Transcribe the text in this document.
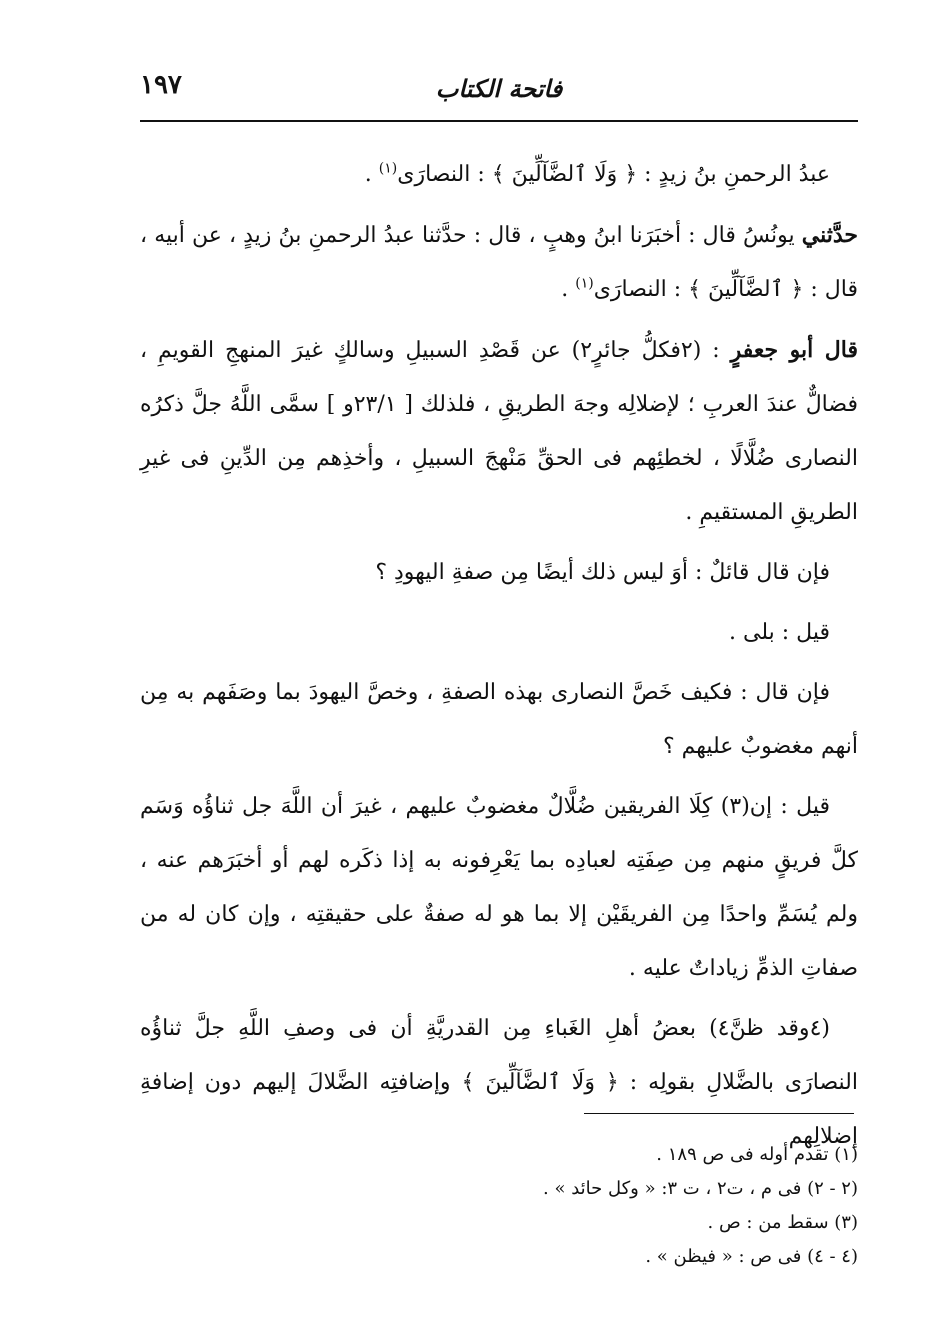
١٩٧	فاتحة الكتاب

عبدُ الرحمنِ بنُ زيدٍ : ﴿ وَلَا ٱلضَّآلِّينَ ﴾ : النصارَى$^{(١)}$ .

حدَّثني يونُسُ قال : أخبَرَنا ابنُ وهبٍ ، قال : حدَّثنا عبدُ الرحمنِ بنُ زيدٍ ، عن أبيه ، قال : ﴿ ٱلضَّآلِّينَ ﴾ : النصارَى$^{(١)}$ .

قال أبو جعفرٍ : (٢فكلُّ جائرٍ٢) عن قَصْدِ السبيلِ وسالكٍ غيرَ المنهجِ القويمِ ، فضالٌّ عندَ العربِ ؛ لإضلالِه وجهَ الطريقِ ، فلذلك [ ٢٣/١و ] سمَّى اللَّهُ جلَّ ذكرُه النصارى ضُلَّالًا ، لخطئِهم فى الحقِّ مَنْهجَ السبيلِ ، وأخذِهم مِن الدِّينِ فى غيرِ الطريقِ المستقيمِ .

فإن قال قائلٌ : أوَ ليس ذلك أيضًا مِن صفةِ اليهودِ ؟

قيل : بلى .

فإن قال : فكيف خَصَّ النصارى بهذه الصفةِ ، وخصَّ اليهودَ بما وصَفَهم به مِن أنهم مغضوبٌ عليهم ؟

قيل : إن(٣) كِلَا الفريقين ضُلَّالٌ مغضوبٌ عليهم ، غيرَ أن اللَّهَ جل ثناؤُه وَسَم كلَّ فريقٍ منهم مِن صِفَتِه لعبادِه بما يَعْرِفونه به إذا ذكَره لهم أو أخبَرَهم عنه ، ولم يُسَمِّ واحدًا مِن الفريقَيْن إلا بما هو له صفةٌ على حقيقتِه ، وإن كان له من صفاتِ الذمِّ زياداتٌ عليه .

(٤وقد ظنَّ٤) بعضُ أهلِ الغَباءِ مِن القدريَّةِ أن فى وصفِ اللَّهِ جلَّ ثناؤُه النصارَى بالضَّلالِ بقولِه : ﴿ وَلَا ٱلضَّآلِّينَ ﴾ وإضافتِه الضَّلالَ إليهم دون إضافةِ إضلالِهم

(١) تقدم أوله فى ص ١٨٩ .
(٢ - ٢) فى م ، ت٢ ، ت ٣: « وكل حائد » .
(٣) سقط من : ص .
(٤ - ٤) فى ص : « فيظن » .
